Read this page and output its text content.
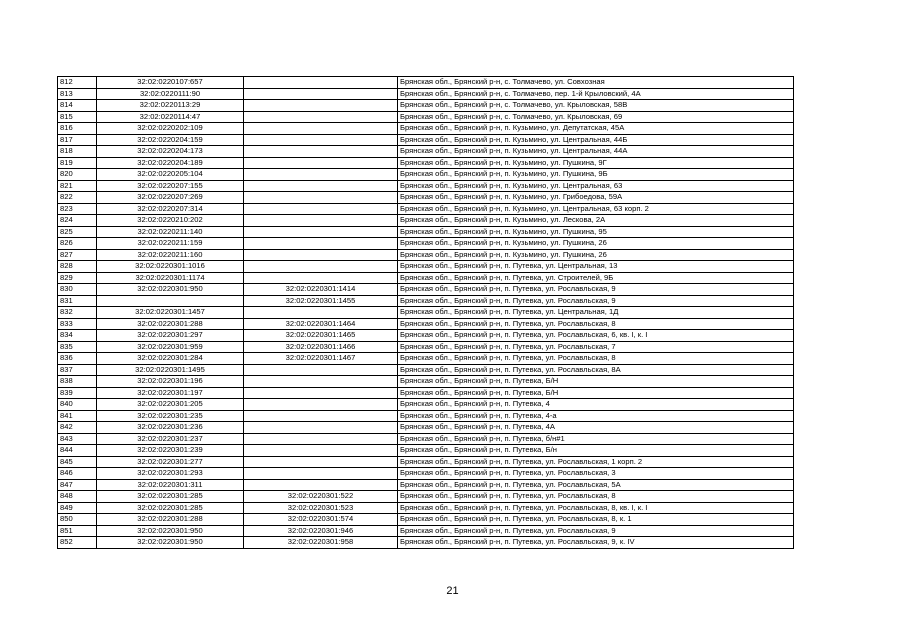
812	32:02:0220107:657		Брянская обл., Брянский р-н, с. Толмачево, ул. Совхозная
813	32:02:0220111:90		Брянская обл., Брянский р-н, с. Толмачево, пер. 1-й Крыловский, 4А
814	32:02:0220113:29		Брянская обл., Брянский р-н, с. Толмачево, ул. Крыловская, 58В
815	32:02:0220114:47		Брянская обл., Брянский р-н, с. Толмачево, ул. Крыловская, 69
816	32:02:0220202:109		Брянская обл., Брянский р-н, п. Кузьмино, ул. Депутатская, 45А
817	32:02:0220204:159		Брянская обл., Брянский р-н, п. Кузьмино, ул. Центральная, 44Б
818	32:02:0220204:173		Брянская обл., Брянский р-н, п. Кузьмино, ул. Центральная, 44А
819	32:02:0220204:189		Брянская обл., Брянский р-н, п. Кузьмино, ул. Пушкина, 9Г
820	32:02:0220205:104		Брянская обл., Брянский р-н, п. Кузьмино, ул. Пушкина, 9Б
821	32:02:0220207:155		Брянская обл., Брянский р-н, п. Кузьмино, ул. Центральная, 63
822	32:02:0220207:269		Брянская обл., Брянский р-н, п. Кузьмино, ул. Грибоедова, 59А
823	32:02:0220207:314		Брянская обл., Брянский р-н, п. Кузьмино, ул. Центральная, 63 корп. 2
824	32:02:0220210:202		Брянская обл., Брянский р-н, п. Кузьмино, ул. Лескова, 2А
825	32:02:0220211:140		Брянская обл., Брянский р-н, п. Кузьмино, ул. Пушкина, 95
826	32:02:0220211:159		Брянская обл., Брянский р-н, п. Кузьмино, ул. Пушкина, 26
827	32:02:0220211:160		Брянская обл., Брянский р-н, п. Кузьмино, ул. Пушкина, 26
828	32:02:0220301:1016		Брянская обл., Брянский р-н, п. Путевка, ул. Центральная, 13
829	32:02:0220301:1174		Брянская обл., Брянский р-н, п. Путевка, ул. Строителей, 9Б
830	32:02:0220301:950	32:02:0220301:1414	Брянская обл., Брянский р-н, п. Путевка, ул. Рославльская, 9
831		32:02:0220301:1455	Брянская обл., Брянский р-н, п. Путевка, ул. Рославльская, 9
832	32:02:0220301:1457		Брянская обл., Брянский р-н, п. Путевка, ул. Центральная, 1Д
833	32:02:0220301:288	32:02:0220301:1464	Брянская обл., Брянский р-н, п. Путевка, ул. Рославльская, 8
834	32:02:0220301:297	32:02:0220301:1465	Брянская обл., Брянский р-н, п. Путевка, ул. Рославльская, 6, кв. I, к. I
835	32:02:0220301:959	32:02:0220301:1466	Брянская обл., Брянский р-н, п. Путевка, ул. Рославльская, 7
836	32:02:0220301:284	32:02:0220301:1467	Брянская обл., Брянский р-н, п. Путевка, ул. Рославльская, 8
837	32:02:0220301:1495		Брянская обл., Брянский р-н, п. Путевка, ул. Рославльская, 8А
838	32:02:0220301:196		Брянская обл., Брянский р-н, п. Путевка, Б/Н
839	32:02:0220301:197		Брянская обл., Брянский р-н, п. Путевка, Б/Н
840	32:02:0220301:205		Брянская обл., Брянский р-н, п. Путевка, 4
841	32:02:0220301:235		Брянская обл., Брянский р-н, п. Путевка, 4-а
842	32:02:0220301:236		Брянская обл., Брянский р-н, п. Путевка, 4А
843	32:02:0220301:237		Брянская обл., Брянский р-н, п. Путевка, б/н#1
844	32:02:0220301:239		Брянская обл., Брянский р-н, п. Путевка, Б/н
845	32:02:0220301:277		Брянская обл., Брянский р-н, п. Путевка, ул. Рославльская, 1 корп. 2
846	32:02:0220301:293		Брянская обл., Брянский р-н, п. Путевка, ул. Рославльская, 3
847	32:02:0220301:311		Брянская обл., Брянский р-н, п. Путевка, ул. Рославльская, 5А
848	32:02:0220301:285	32:02:0220301:522	Брянская обл., Брянский р-н, п. Путевка, ул. Рославльская, 8
849	32:02:0220301:285	32:02:0220301:523	Брянская обл., Брянский р-н, п. Путевка, ул. Рославльская, 8, кв. I, к. I
850	32:02:0220301:288	32:02:0220301:574	Брянская обл., Брянский р-н, п. Путевка, ул. Рославльская, 8, к. 1
851	32:02:0220301:950	32:02:0220301:946	Брянская обл., Брянский р-н, п. Путевка, ул. Рославльская, 9
852	32:02:0220301:950	32:02:0220301:958	Брянская обл., Брянский р-н, п. Путевка, ул. Рославльская, 9, к. IV
21
